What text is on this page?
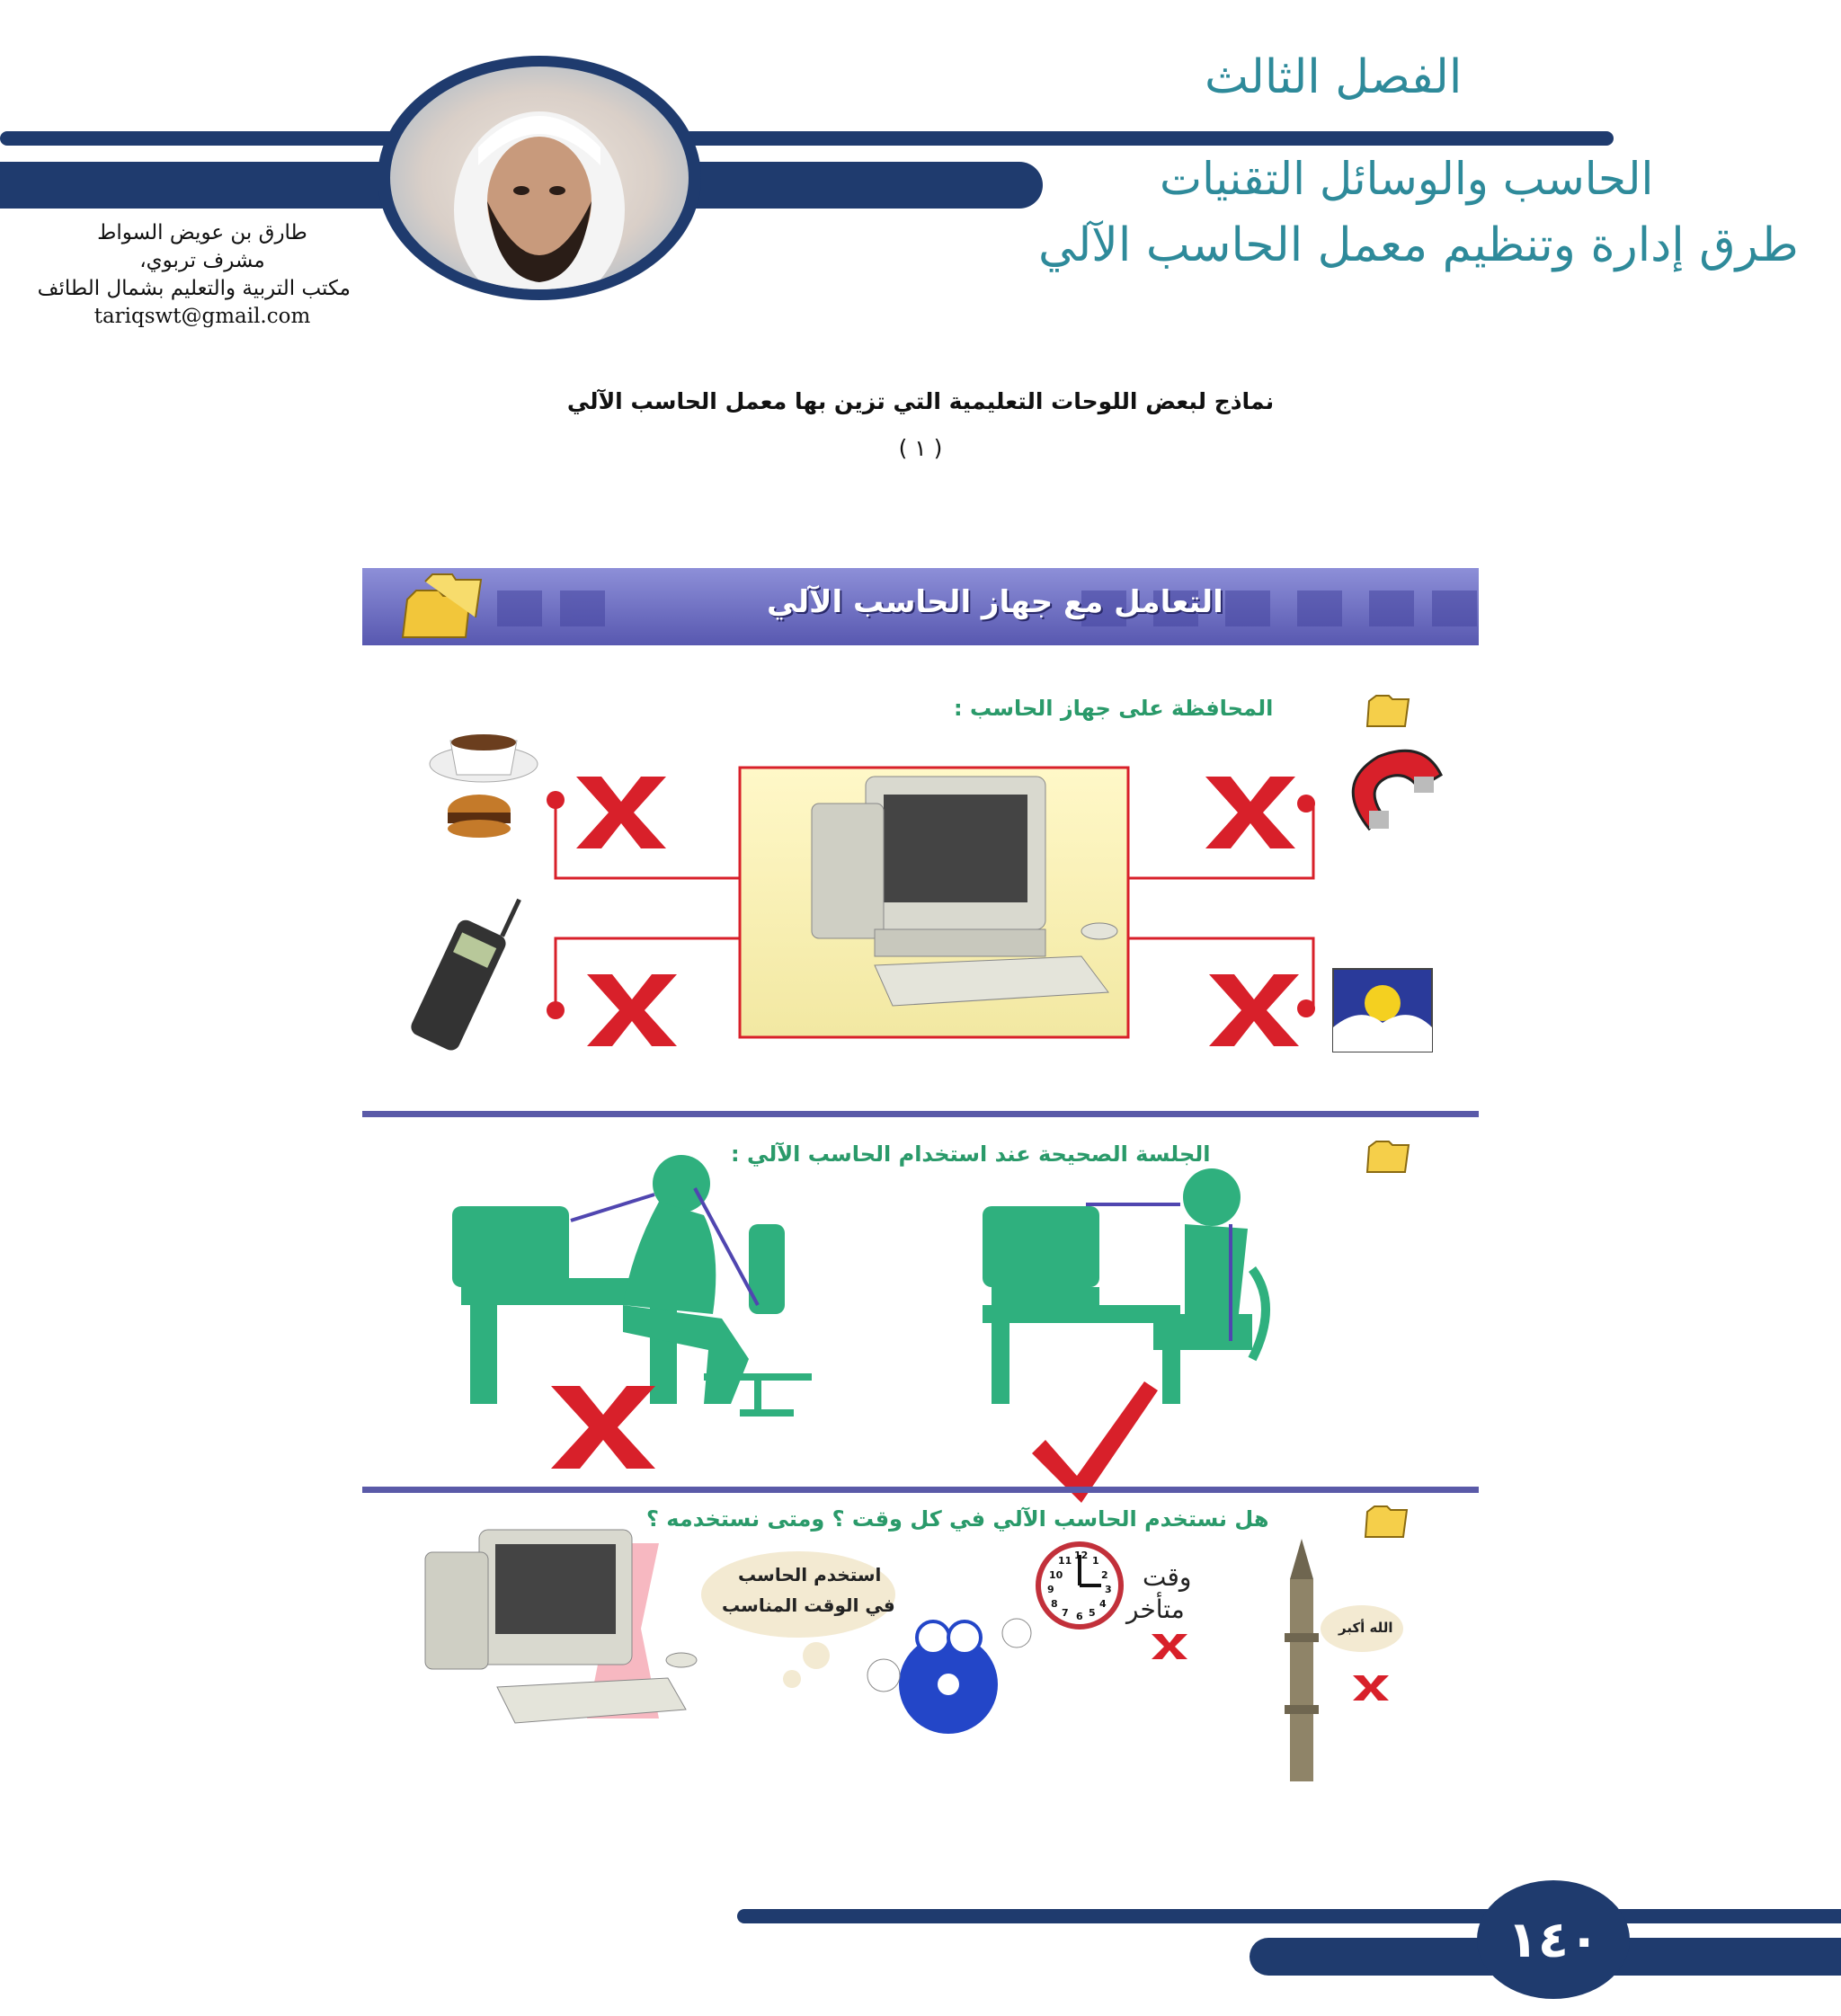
الفصل الثالث
الحاسب والوسائل التقنيات
طرق إدارة وتنظيم معمل الحاسب الآلي
طارق بن عويض السواط
مشرف تربوي،
مكتب التربية والتعليم بشمال الطائف
tariqswt@gmail.com
نماذج لبعض اللوحات التعليمية التي تزين بها معمل الحاسب الآلي
( ١ )
التعامل مع جهاز الحاسب الآلي
المحافظة على جهاز الحاسب :
الجلسة الصحيحة عند استخدام الحاسب الآلي :
هل نستخدم الحاسب الآلي في كل وقت ؟ ومتى نستخدمه ؟
استخدم الحاسب
في الوقت المناسب
وقت
متأخر
الله أكبر
12 1
2
3
4
5
6
7
8
9
10
11
١٤٠
